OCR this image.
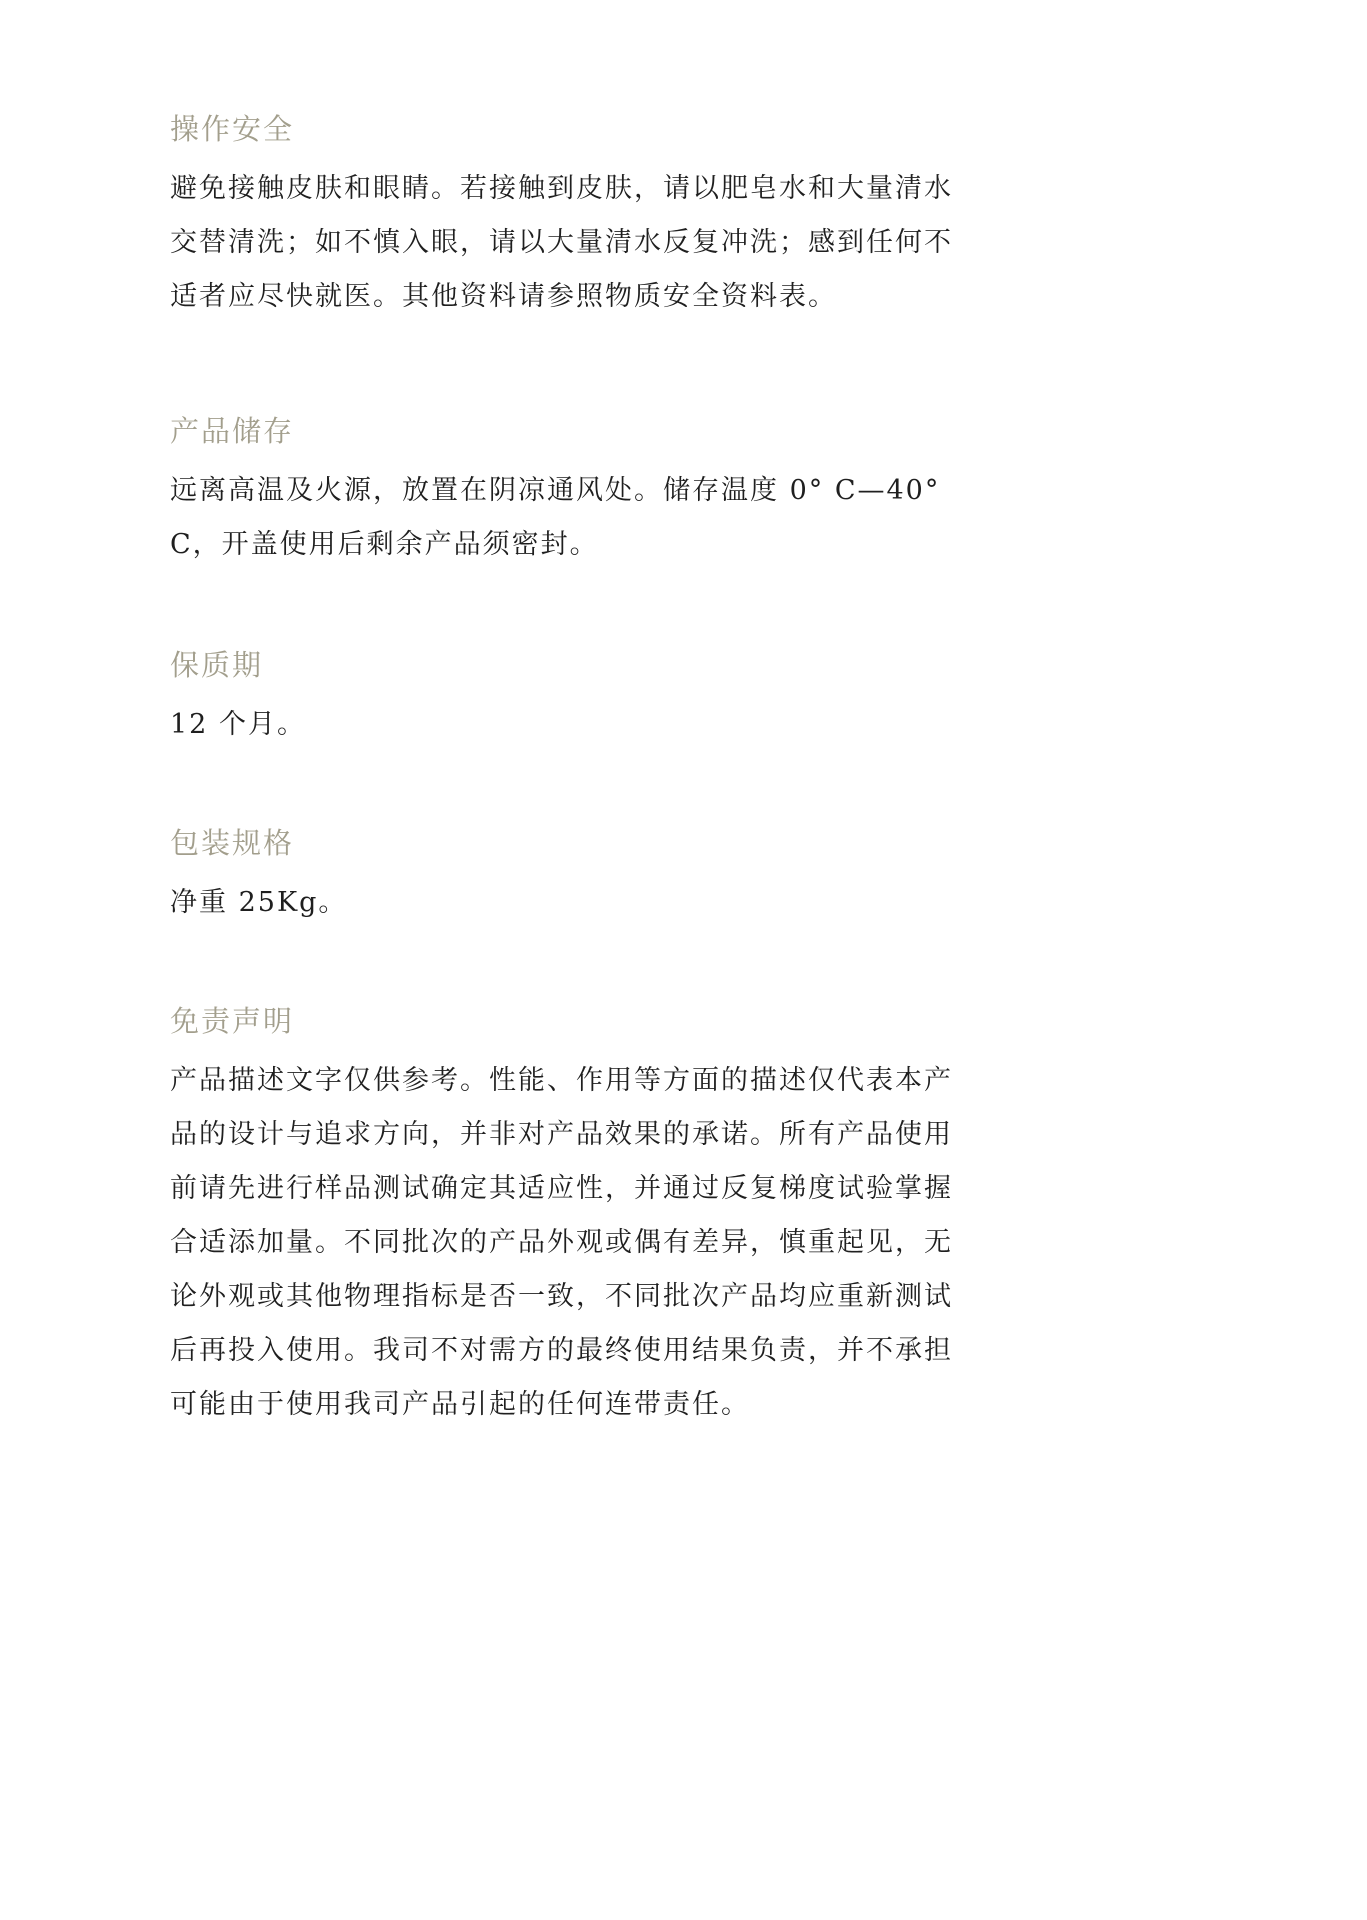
操作安全

避免接触皮肤和眼睛。若接触到皮肤，请以肥皂水和大量清水交替清洗；如不慎入眼，请以大量清水反复冲洗；感到任何不适者应尽快就医。其他资料请参照物质安全资料表。

产品储存

远离高温及火源，放置在阴凉通风处。储存温度 0° C—40° C，开盖使用后剩余产品须密封。

保质期

12 个月。

包装规格

净重 25Kg。

免责声明

产品描述文字仅供参考。性能、作用等方面的描述仅代表本产品的设计与追求方向，并非对产品效果的承诺。所有产品使用前请先进行样品测试确定其适应性，并通过反复梯度试验掌握合适添加量。不同批次的产品外观或偶有差异，慎重起见，无论外观或其他物理指标是否一致，不同批次产品均应重新测试后再投入使用。我司不对需方的最终使用结果负责，并不承担可能由于使用我司产品引起的任何连带责任。
